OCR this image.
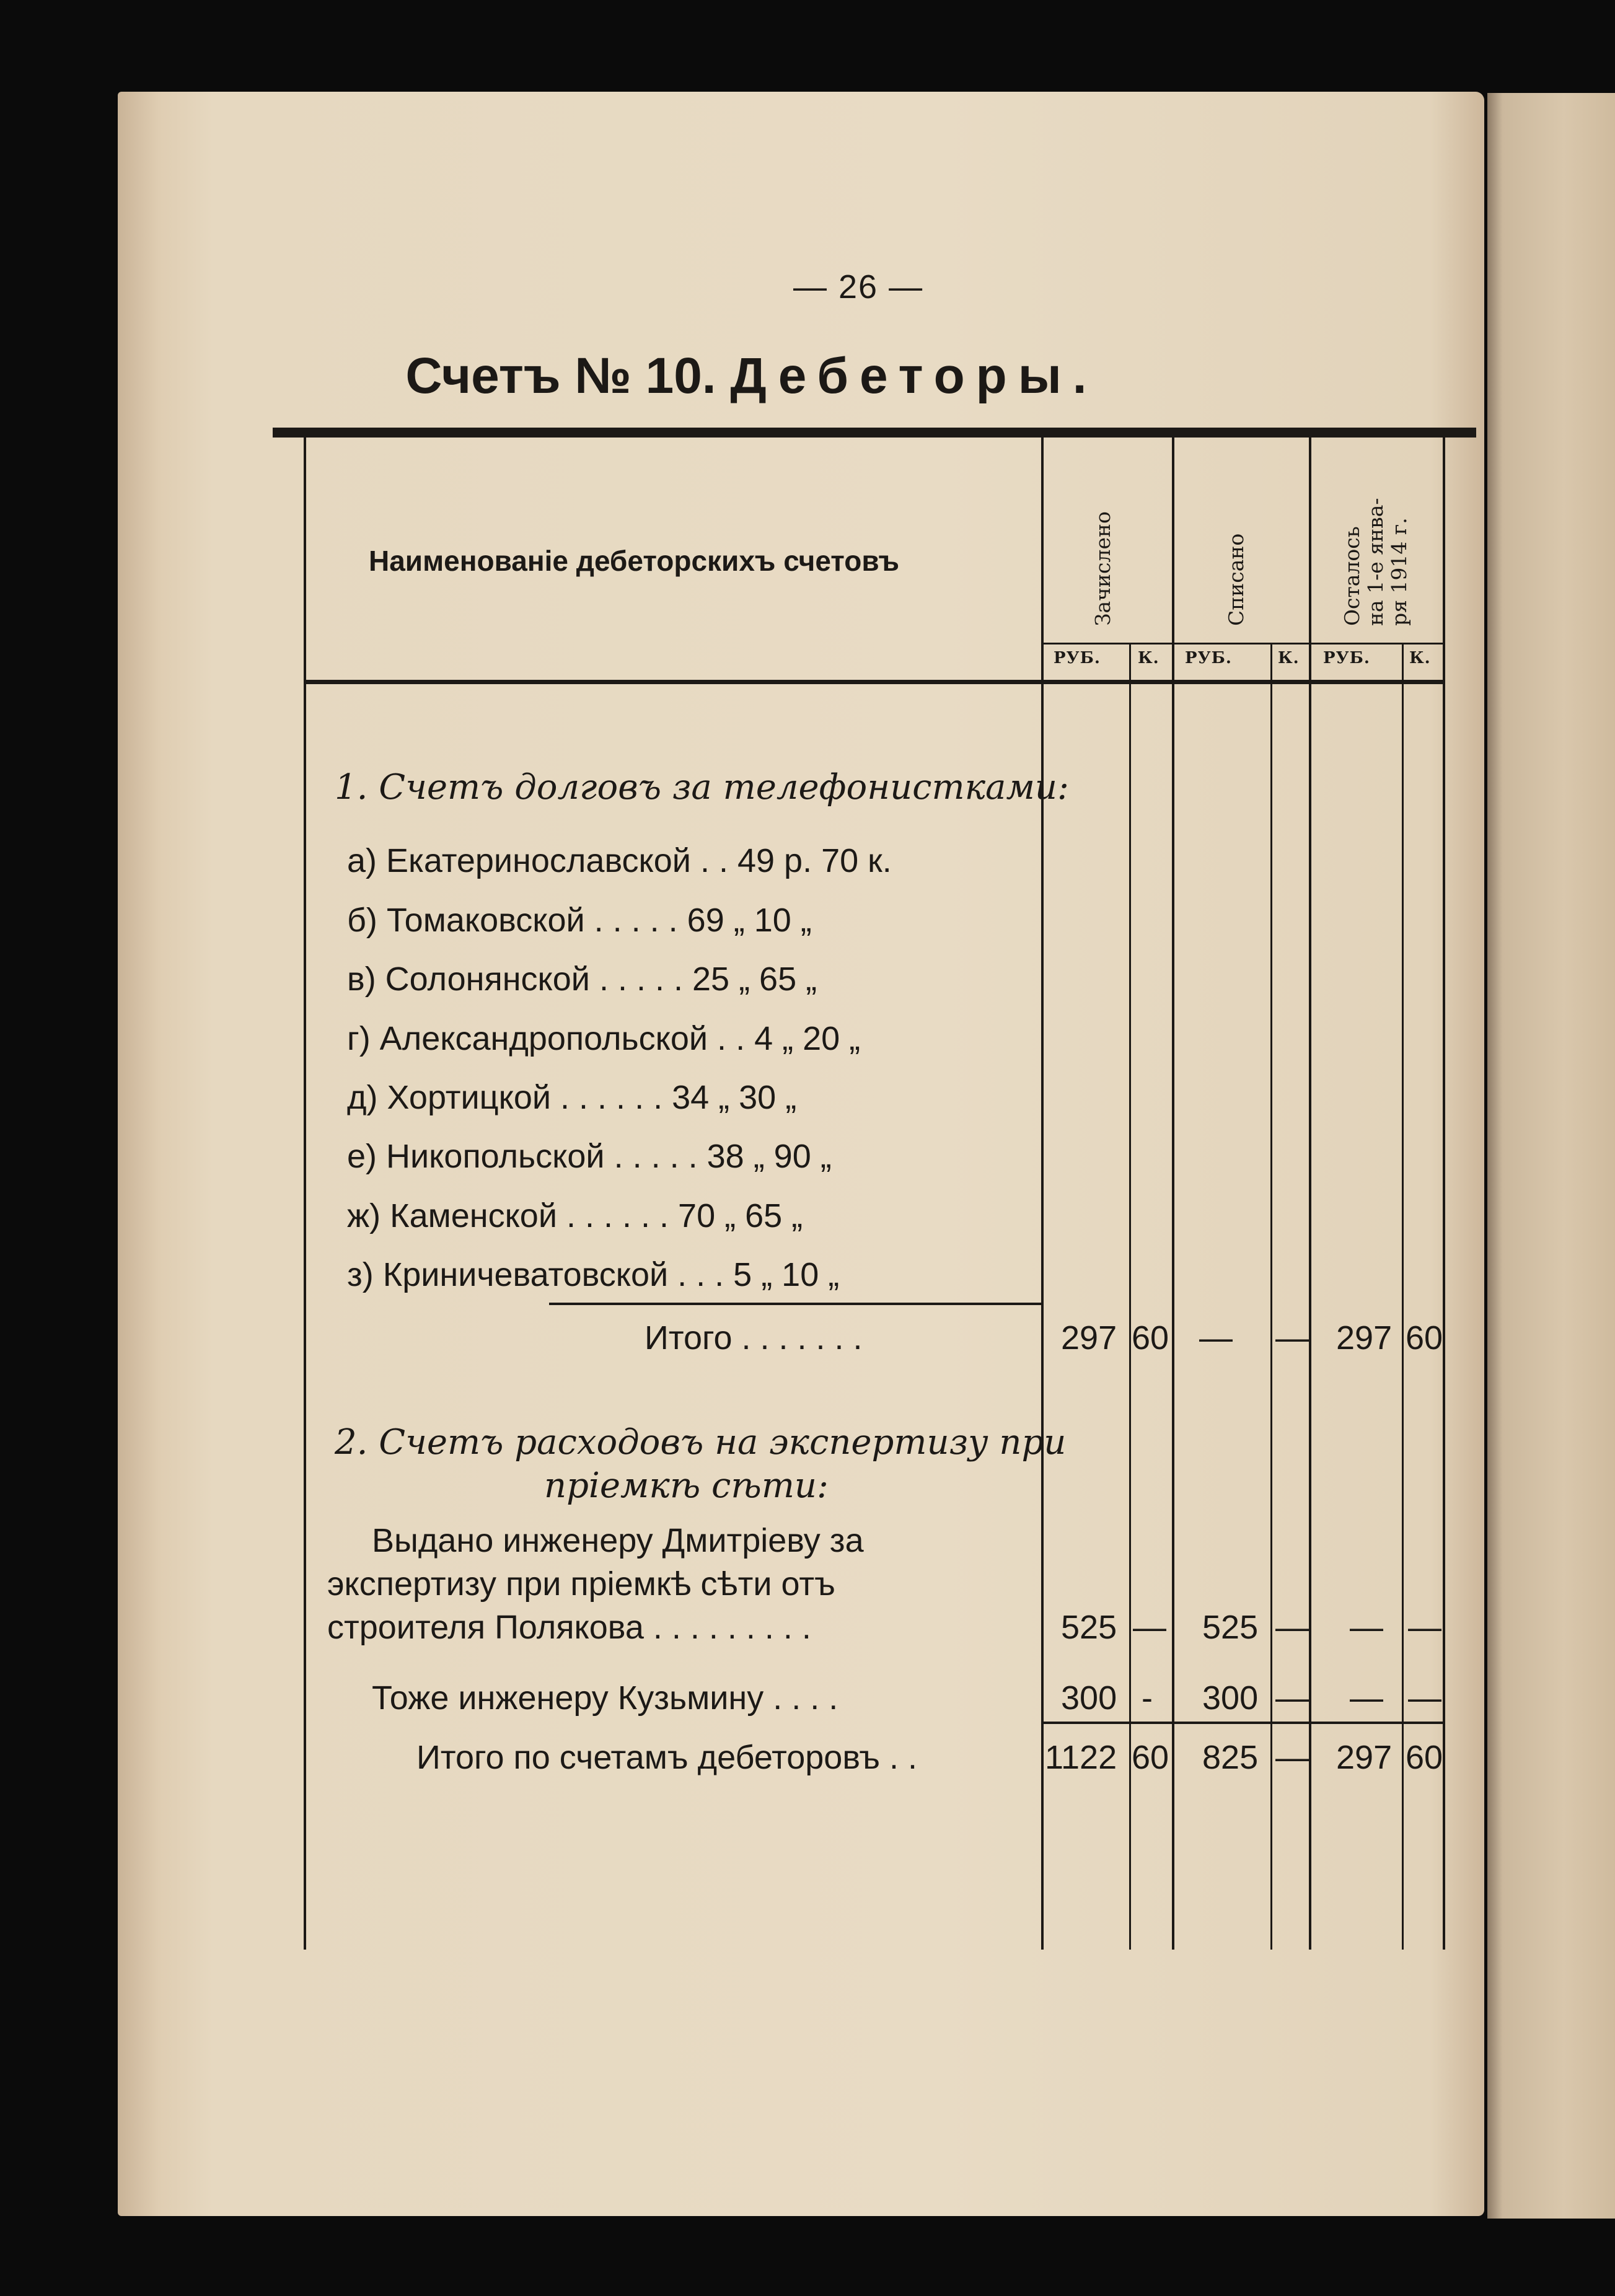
— 26 —
Счетъ № 10. Дебеторы.
Наименованіе дебеторскихъ счетовъ	Зачислено	Списано	Осталось на 1-е янва- ря 1914 г.
РУБ. К. РУБ.	К. РУБ. К.
1. Счетъ долговъ за телефонистками:
а) Екатеринославской . . 49 р. 70 к.
б) Томаковской . . . . . 69 „ 10 „
в) Солонянской . . . . . 25 „ 65 „
г) Александропольской . . 4 „ 20 „
д) Хортицкой . . . . . . 34 „ 30 „
е) Никопольской . . . . . 38 „ 90 „
ж) Каменской . . . . . . 70 „ 65 „
з) Криничеватовской . . . 5 „ 10 „
Итого . . . . . . .	297 60 — — 297 60
2. Счетъ расходовъ на экспертизу при
пріемкѣ сѣти:
Выдано инженеру Дмитріеву за
экспертизу при пріемкѣ сѣти отъ
строителя Полякова . . . . . . . . .	525 — 525 — — —
Тоже инженеру Кузьмину . . . .	300 - 300 — — —
Итого по счетамъ дебеторовъ . .	1122 60 825 — 297 60
